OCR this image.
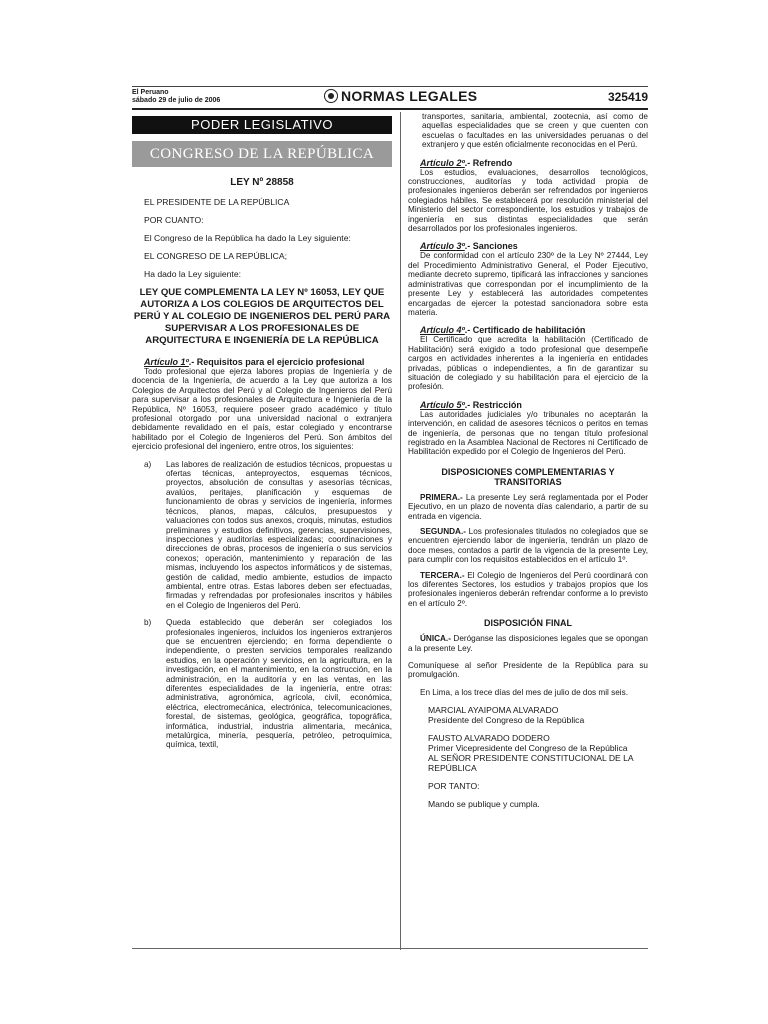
El Peruano
sábado 29 de julio de 2006	NORMAS LEGALES	325419
PODER LEGISLATIVO
CONGRESO DE LA REPÚBLICA
LEY Nº 28858
EL PRESIDENTE DE LA REPÚBLICA
POR CUANTO:
El Congreso de la República ha dado la Ley siguiente:
EL CONGRESO DE LA REPÚBLICA;
Ha dado la Ley siguiente:
LEY QUE COMPLEMENTA LA LEY Nº 16053, LEY QUE AUTORIZA A LOS COLEGIOS DE ARQUITECTOS DEL PERÚ Y AL COLEGIO DE INGENIEROS DEL PERÚ PARA SUPERVISAR A LOS PROFESIONALES DE ARQUITECTURA E INGENIERÍA DE LA REPÚBLICA
Artículo 1º.- Requisitos para el ejercicio profesional

Todo profesional que ejerza labores propias de Ingeniería y de docencia de la Ingeniería, de acuerdo a la Ley que autoriza a los Colegios de Arquitectos del Perú y al Colegio de Ingenieros del Perú para supervisar a los profesionales de Arquitectura e Ingeniería de la República, Nº 16053, requiere poseer grado académico y título profesional otorgado por una universidad nacional o extranjera debidamente revalidado en el país, estar colegiado y encontrarse habilitado por el Colegio de Ingenieros del Perú. Son ámbitos del ejercicio profesional del ingeniero, entre otros, los siguientes:

a)	Las labores de realización de estudios técnicos, propuestas u ofertas técnicas, anteproyectos, esquemas técnicos, proyectos, absolución de consultas y asesorías técnicas, avalúos, peritajes, planificación y esquemas de funcionamiento de obras y servicios de ingeniería, informes técnicos, planos, mapas, cálculos, presupuestos y valuaciones con todos sus anexos, croquis, minutas, estudios preliminares y estudios definitivos, gerencias, supervisiones, inspecciones y auditorías especializadas; coordinaciones y direcciones de obras, procesos de ingeniería o sus servicios conexos; operación, mantenimiento y reparación de las mismas, incluyendo los aspectos informáticos y de sistemas, gestión de calidad, medio ambiente, estudios de impacto ambiental, entre otras. Estas labores deben ser efectuadas, firmadas y refrendadas por profesionales inscritos y hábiles en el Colegio de Ingenieros del Perú.

b)	Queda establecido que deberán ser colegiados los profesionales ingenieros, incluidos los ingenieros extranjeros que se encuentren ejerciendo; en forma dependiente o independiente, o presten servicios temporales realizando estudios, en la operación y servicios, en la agricultura, en la investigación, en el mantenimiento, en la construcción, en la administración, en la auditoría y en las ventas, en las diferentes especialidades de la ingeniería, entre otras: administrativa, agronómica, agrícola, civil, económica, eléctrica, electromecánica, electrónica, telecomunicaciones, forestal, de sistemas, geológica, geográfica, topográfica, informática, industrial, industria alimentaria, mecánica, metalúrgica, minería, pesquería, petróleo, petroquímica, química, textil,

transportes, sanitaria, ambiental, zootecnia, así como de aquellas especialidades que se creen y que cuenten con escuelas o facultades en las universidades peruanas o del extranjero y que estén oficialmente reconocidas en el Perú.

Artículo 2º.- Refrendo

Los estudios, evaluaciones, desarrollos tecnológicos, construcciones, auditorías y toda actividad propia de profesionales ingenieros deberán ser refrendados por ingenieros colegiados hábiles. Se establecerá por resolución ministerial del Ministerio del sector correspondiente, los estudios y trabajos de ingeniería en sus distintas especialidades que serán desarrollados por los profesionales ingenieros.

Artículo 3º.- Sanciones

De conformidad con el artículo 230º de la Ley Nº 27444, Ley del Procedimiento Administrativo General, el Poder Ejecutivo, mediante decreto supremo, tipificará las infracciones y sanciones administrativas que correspondan por el incumplimiento de la presente Ley y establecerá las autoridades competentes encargadas de ejercer la potestad sancionadora sobre esta materia.

Artículo 4º.- Certificado de habilitación

El Certificado que acredita la habilitación (Certificado de Habilitación) será exigido a todo profesional que desempeñe cargos en actividades inherentes a la ingeniería en entidades privadas, públicas o independientes, a fin de garantizar su situación de colegiado y su habilitación para el ejercicio de la profesión.

Artículo 5º.- Restricción

Las autoridades judiciales y/o tribunales no aceptarán la intervención, en calidad de asesores técnicos o peritos en temas de ingeniería, de personas que no tengan título profesional registrado en la Asamblea Nacional de Rectores ni Certificado de Habilitación expedido por el Colegio de Ingenieros del Perú.

DISPOSICIONES COMPLEMENTARIAS Y TRANSITORIAS

PRIMERA.- La presente Ley será reglamentada por el Poder Ejecutivo, en un plazo de noventa días calendario, a partir de su entrada en vigencia.

SEGUNDA.- Los profesionales titulados no colegiados que se encuentren ejerciendo labor de ingeniería, tendrán un plazo de doce meses, contados a partir de la vigencia de la presente Ley, para cumplir con los requisitos establecidos en el artículo 1º.

TERCERA.- El Colegio de Ingenieros del Perú coordinará con los diferentes Sectores, los estudios y trabajos propios que los profesionales ingenieros deberán refrendar conforme a lo previsto en el artículo 2º.

DISPOSICIÓN FINAL

ÚNICA.- Deróganse las disposiciones legales que se opongan a la presente Ley.

Comuníquese al señor Presidente de la República para su promulgación.

En Lima, a los trece días del mes de julio de dos mil seis.

MARCIAL AYAIPOMA ALVARADO
Presidente del Congreso de la República
FAUSTO ALVARADO DODERO
Primer Vicepresidente del Congreso de la República
AL SEÑOR PRESIDENTE CONSTITUCIONAL DE LA REPÚBLICA
POR TANTO:
Mando se publique y cumpla.
